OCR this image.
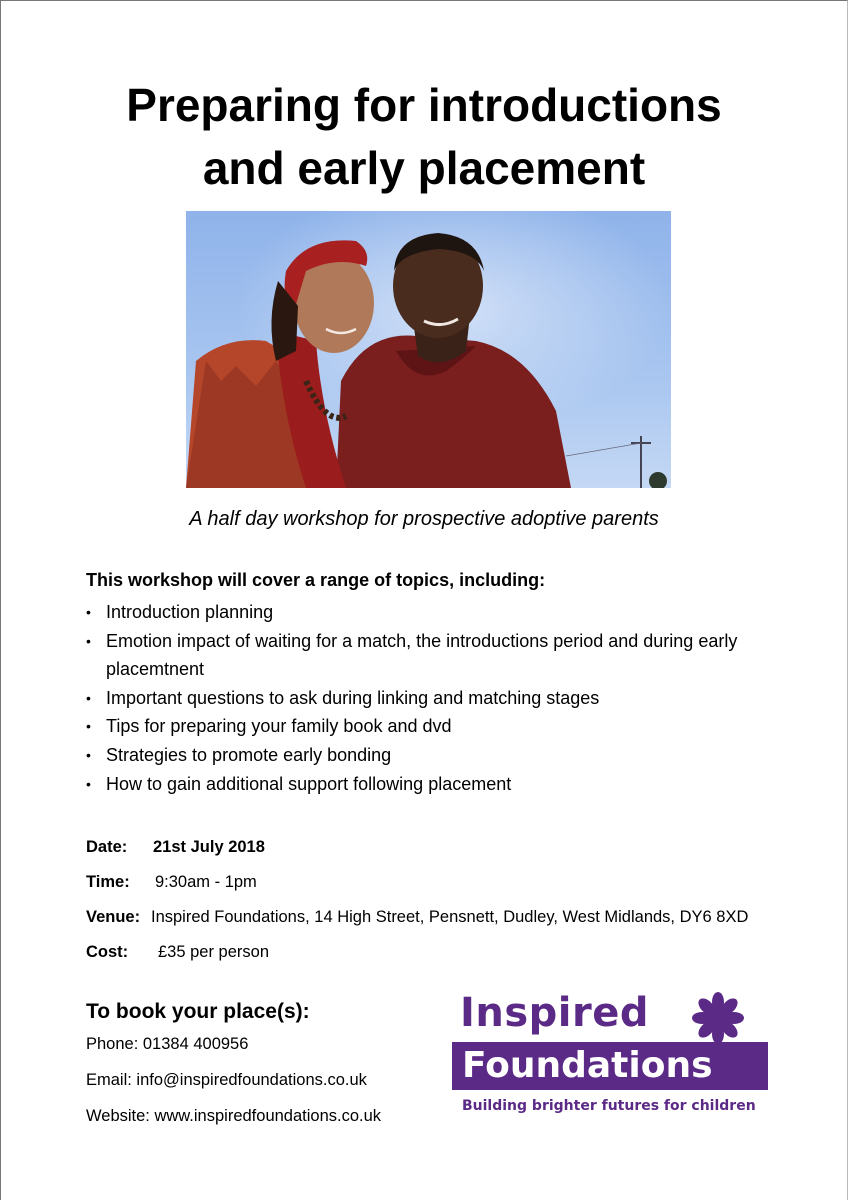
Preparing for introductions
and early placement

A half day workshop for prospective adoptive parents

This workshop will cover a range of topics, including:

• Introduction planning
• Emotion impact of waiting for a match, the introductions period and during early placemtnent
• Important questions to ask during linking and matching stages
• Tips for preparing your family book and dvd
• Strategies to promote early bonding
• How to gain additional support following placement
Date: 21st July 2018
Time: 9:30am - 1pm
Venue: Inspired Foundations, 14 High Street, Pensnett, Dudley, West Midlands, DY6 8XD
Cost: £35 per person

To book your place(s):

Phone: 01384 400956

Email: info@inspiredfoundations.co.uk

Website: www.inspiredfoundations.co.uk

Inspired
Foundations
Building brighter futures for children
